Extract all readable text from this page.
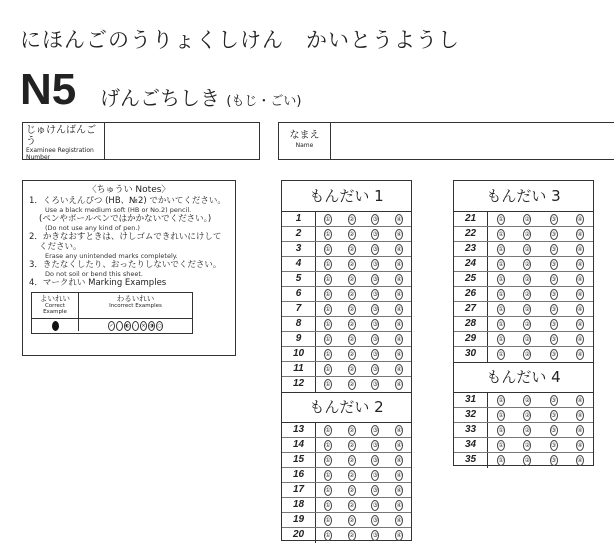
にほんごのうりょくしけん　かいとうようし
N5 げんごちしき (もじ・ごい)
じゅけんばんごう
Examinee Registration
Number
なまえ
Name
〈ちゅうい Notes〉
1．くろいえんぴつ (HB、№2) でかいてください。
Use a black medium soft (HB or No.2) pencil.
(ペンやボールペンではかかないでください。)
(Do not use any kind of pen.)
2．かきなおすときは、けしゴムできれいにけして
ください。
Erase any unintended marks completely.
3．きたなくしたり、おったりしないでください。
Do not soil or bend this sheet.
4．マークれい Marking Examples
よいれい
Correct
Example
わるいれい
Incorrect Examples
✓ ◐	·	× ◑ ○
もんだい 1
1	①	②	③	④
2	①	②	③	④
3	①	②	③	④
4	①	②	③	④
5	①	②	③	④
6	①	②	③	④
7	①	②	③	④
8	①	②	③	④
9	①	②	③	④
10	①	②	③	④
11	①	②	③	④
12	①	②	③	④
もんだい 2
13	①	②	③	④
14	①	②	③	④
15	①	②	③	④
16	①	②	③	④
17	①	②	③	④
18	①	②	③	④
19	①	②	③	④
20	①	②	③	④
もんだい 3
21	①	②	③	④
22	①	②	③	④
23	①	②	③	④
24	①	②	③	④
25	①	②	③	④
26	①	②	③	④
27	①	②	③	④
28	①	②	③	④
29	①	②	③	④
30	①	②	③	④
もんだい 4
31	①	②	③	④
32	①	②	③	④
33	①	②	③	④
34	①	②	③	④
35	①	②	③	④
